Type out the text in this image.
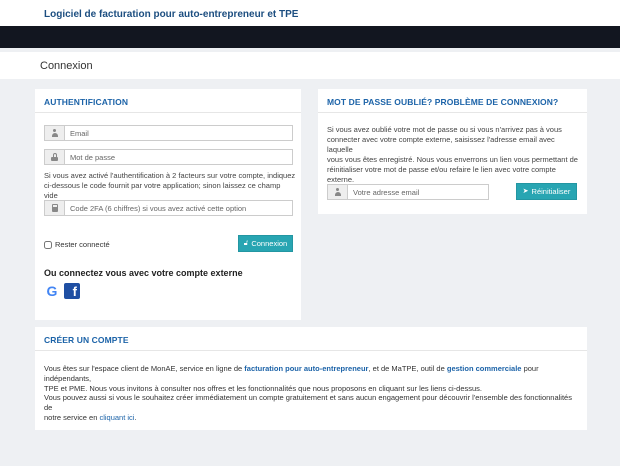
Logiciel de facturation pour auto-entrepreneur et TPE
Connexion
AUTHENTIFICATION
Email
Si vous avez activé l'authentification à 2 facteurs sur votre compte, indiquez
ci-dessous le code fournit par votre application; sinon laissez ce champ vide
Code 2FA (6 chiffres) si vous avez activé cette option
Rester connecté	🔓︎ Connexion
Ou connectez vous avec votre compte externe
G	f
MOT DE PASSE OUBLIÉ? PROBLÈME DE CONNEXION?
Si vous avez oublié votre mot de passe ou si vous n'arrivez pas à vous
connecter avec votre compte externe, saisissez l'adresse email avec laquelle
vous vous êtes enregistré. Nous vous enverrons un lien vous permettant de
réinitialiser votre mot de passe et/ou refaire le lien avec votre compte
externe.
Votre adresse email
➤ Réinitialiser
CRÉER UN COMPTE
Vous êtes sur l'espace client de MonAE, service en ligne de facturation pour auto-entrepreneur, et de MaTPE, outil de gestion commerciale pour indépendants,
TPE et PME. Nous vous invitons à consulter nos offres et les fonctionnalités que nous proposons en cliquant sur les liens ci-dessus.
Vous pouvez aussi si vous le souhaitez créer immédiatement un compte gratuitement et sans aucun engagement pour découvrir l'ensemble des fonctionnalités de
notre service en cliquant ici.
